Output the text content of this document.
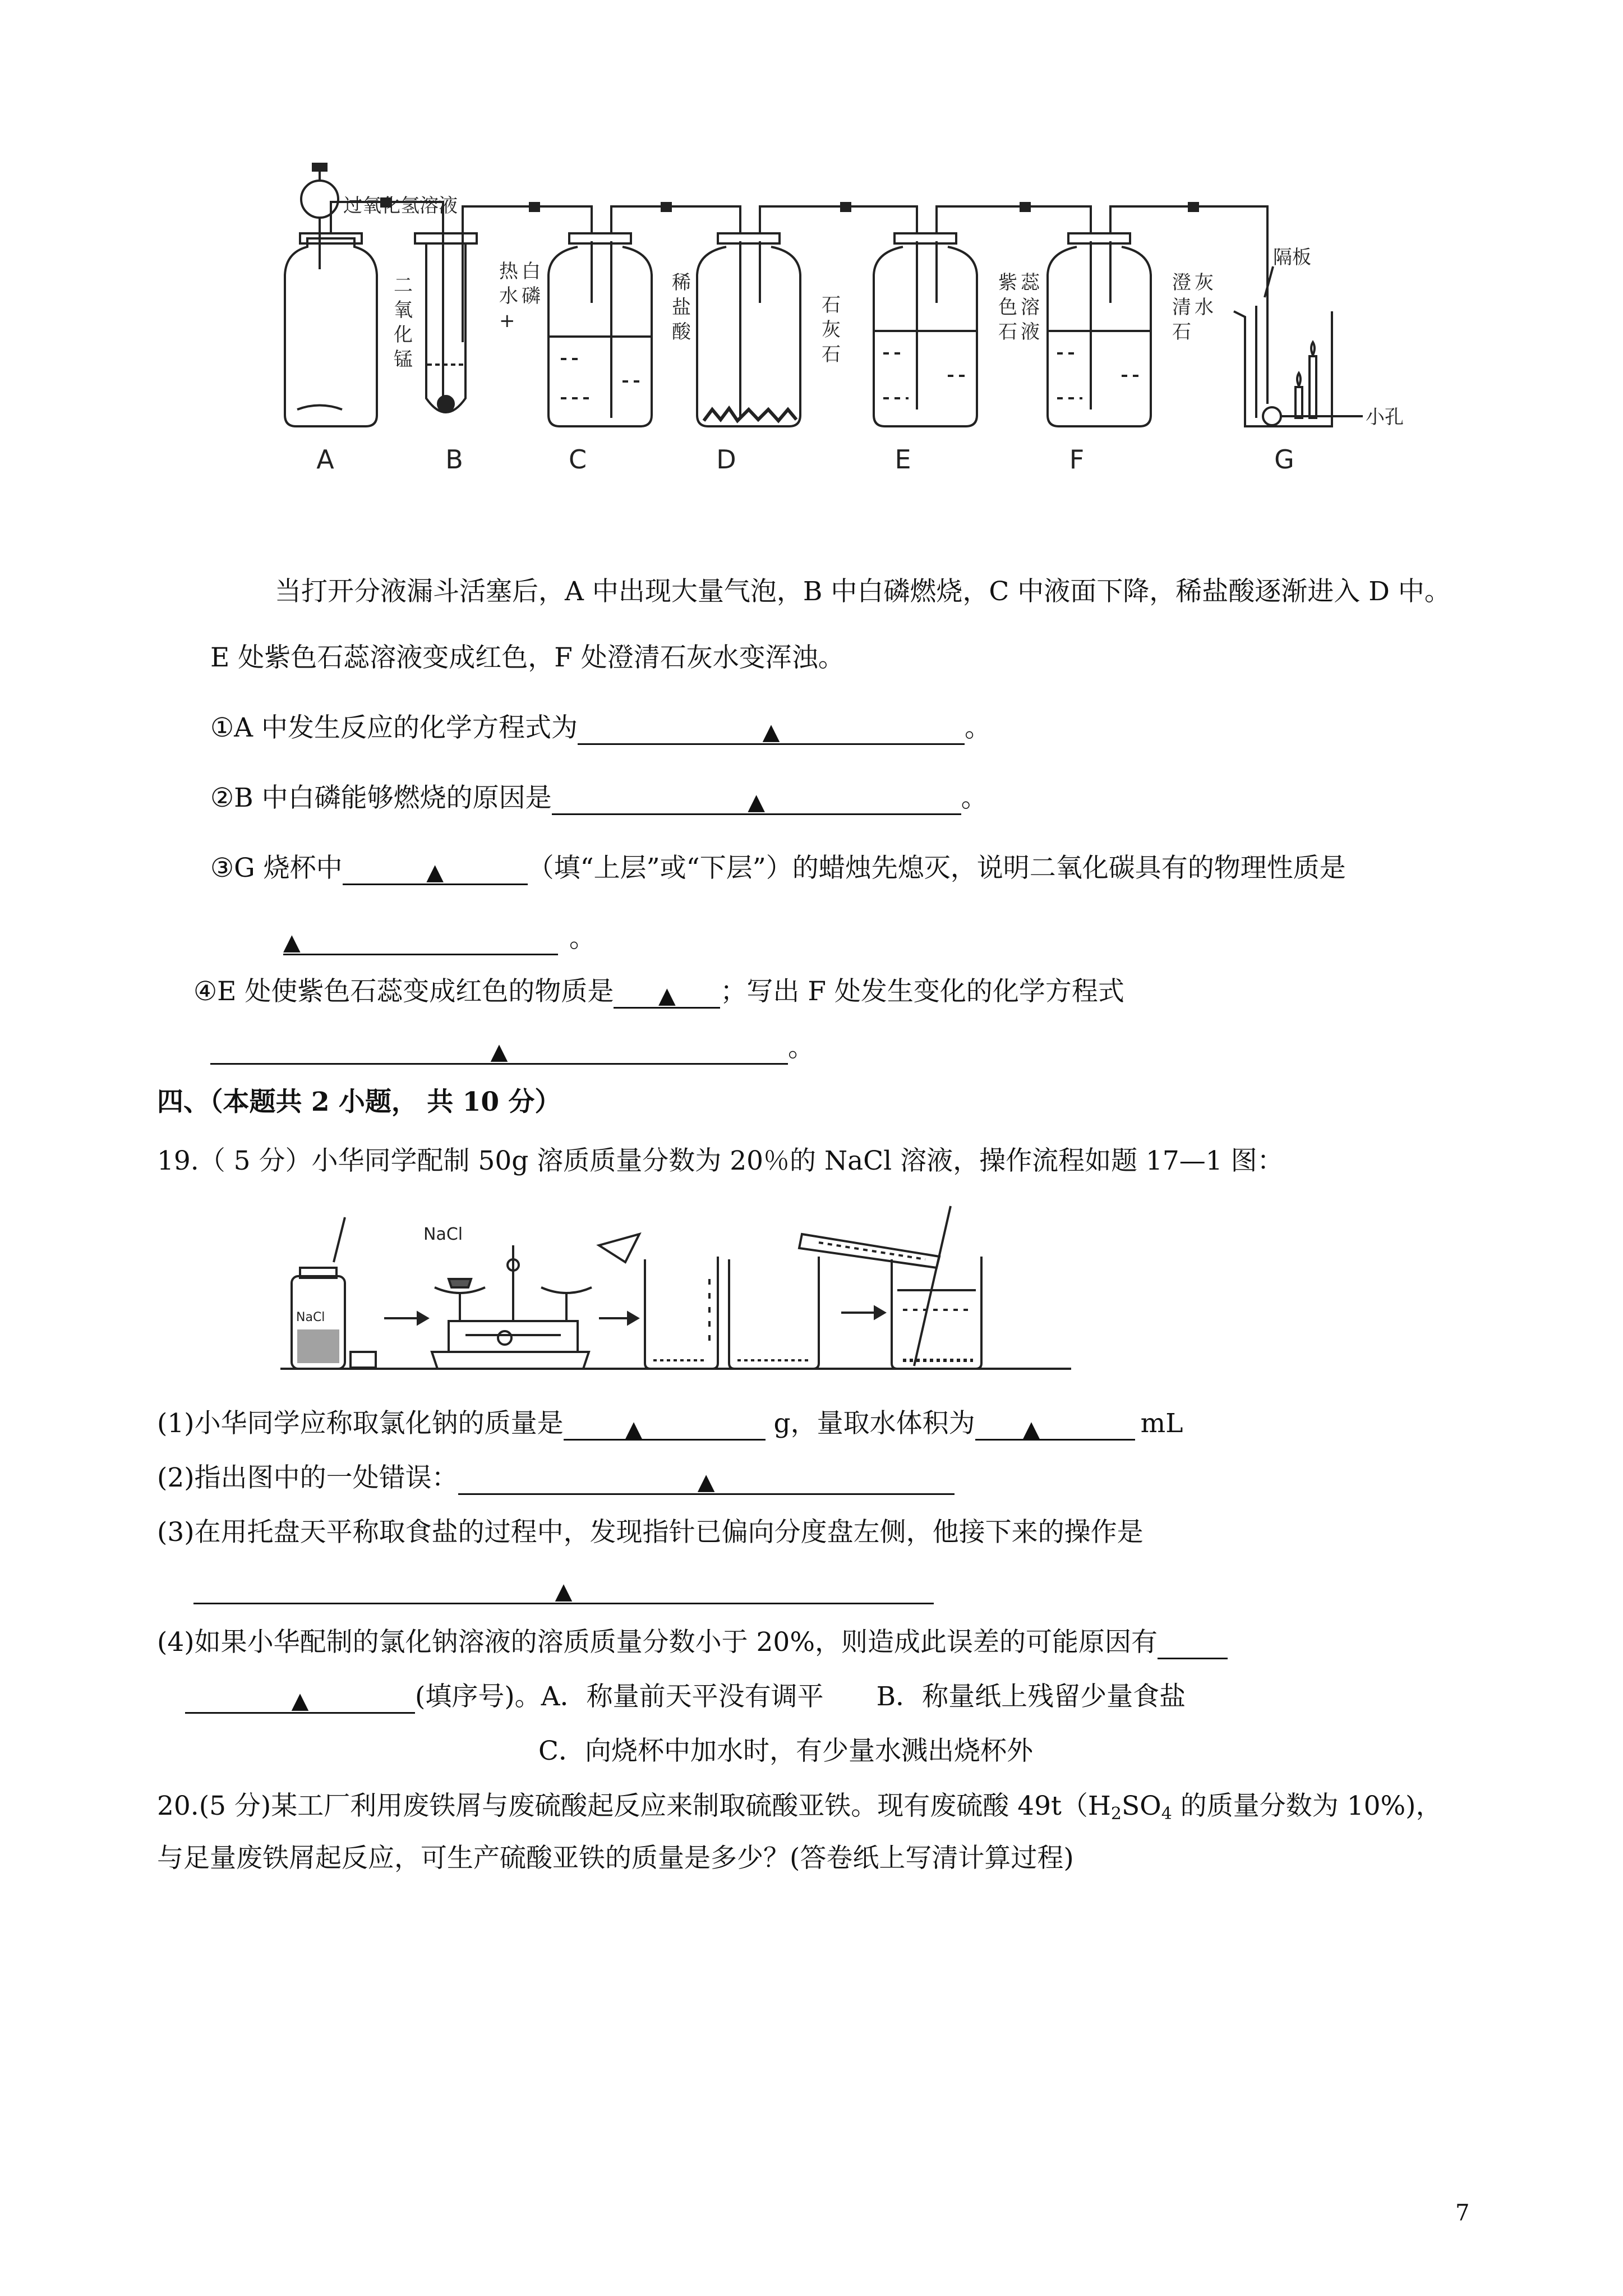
过氧化氢溶液
隔板
小孔
二
氧
化
锰
热
水
+
白
磷
稀
盐
酸
石
灰
石
紫
色
石
蕊
溶
液
澄
清
石
灰
水
A	B	C	D	E	F	G
当打开分液漏斗活塞后，A 中出现大量气泡，B 中白磷燃烧，C 中液面下降，稀盐酸逐渐进入 D 中。
E 处紫色石蕊溶液变成红色，F 处澄清石灰水变浑浊。
①A 中发生反应的化学方程式为	▲	。
②B 中白磷能够燃烧的原因是	▲	。
③G 烧杯中	▲	（填“上层”或“下层”）的蜡烛先熄灭，说明二氧化碳具有的物理性质是
▲	。
④E 处使紫色石蕊变成红色的物质是 ▲ ；写出 F 处发生变化的化学方程式
▲	。
四、（本题共 2 小题， 共 10 分）
19.（ 5 分）小华同学配制 50g 溶质质量分数为 20％的 NaCl 溶液，操作流程如题 17—1 图：
NaCl
NaCl
(1)小华同学应称取氯化钠的质量是	▲	g，量取水体积为 ▲	mL
(2)指出图中的一处错误：	▲
(3)在用托盘天平称取食盐的过程中，发现指针已偏向分度盘左侧，他接下来的操作是
▲
(4)如果小华配制的氯化钠溶液的溶质质量分数小于 20%，则造成此误差的可能原因有
▲	(填序号)。A．称量前天平没有调平　　B．称量纸上残留少量食盐
C．向烧杯中加水时，有少量水溅出烧杯外
20.(5 分)某工厂利用废铁屑与废硫酸起反应来制取硫酸亚铁。现有废硫酸 $49t(H_2SO_4$ 的质量分数为 10%)，
与足量废铁屑起反应，可生产硫酸亚铁的质量是多少？(答卷纸上写清计算过程)
7
